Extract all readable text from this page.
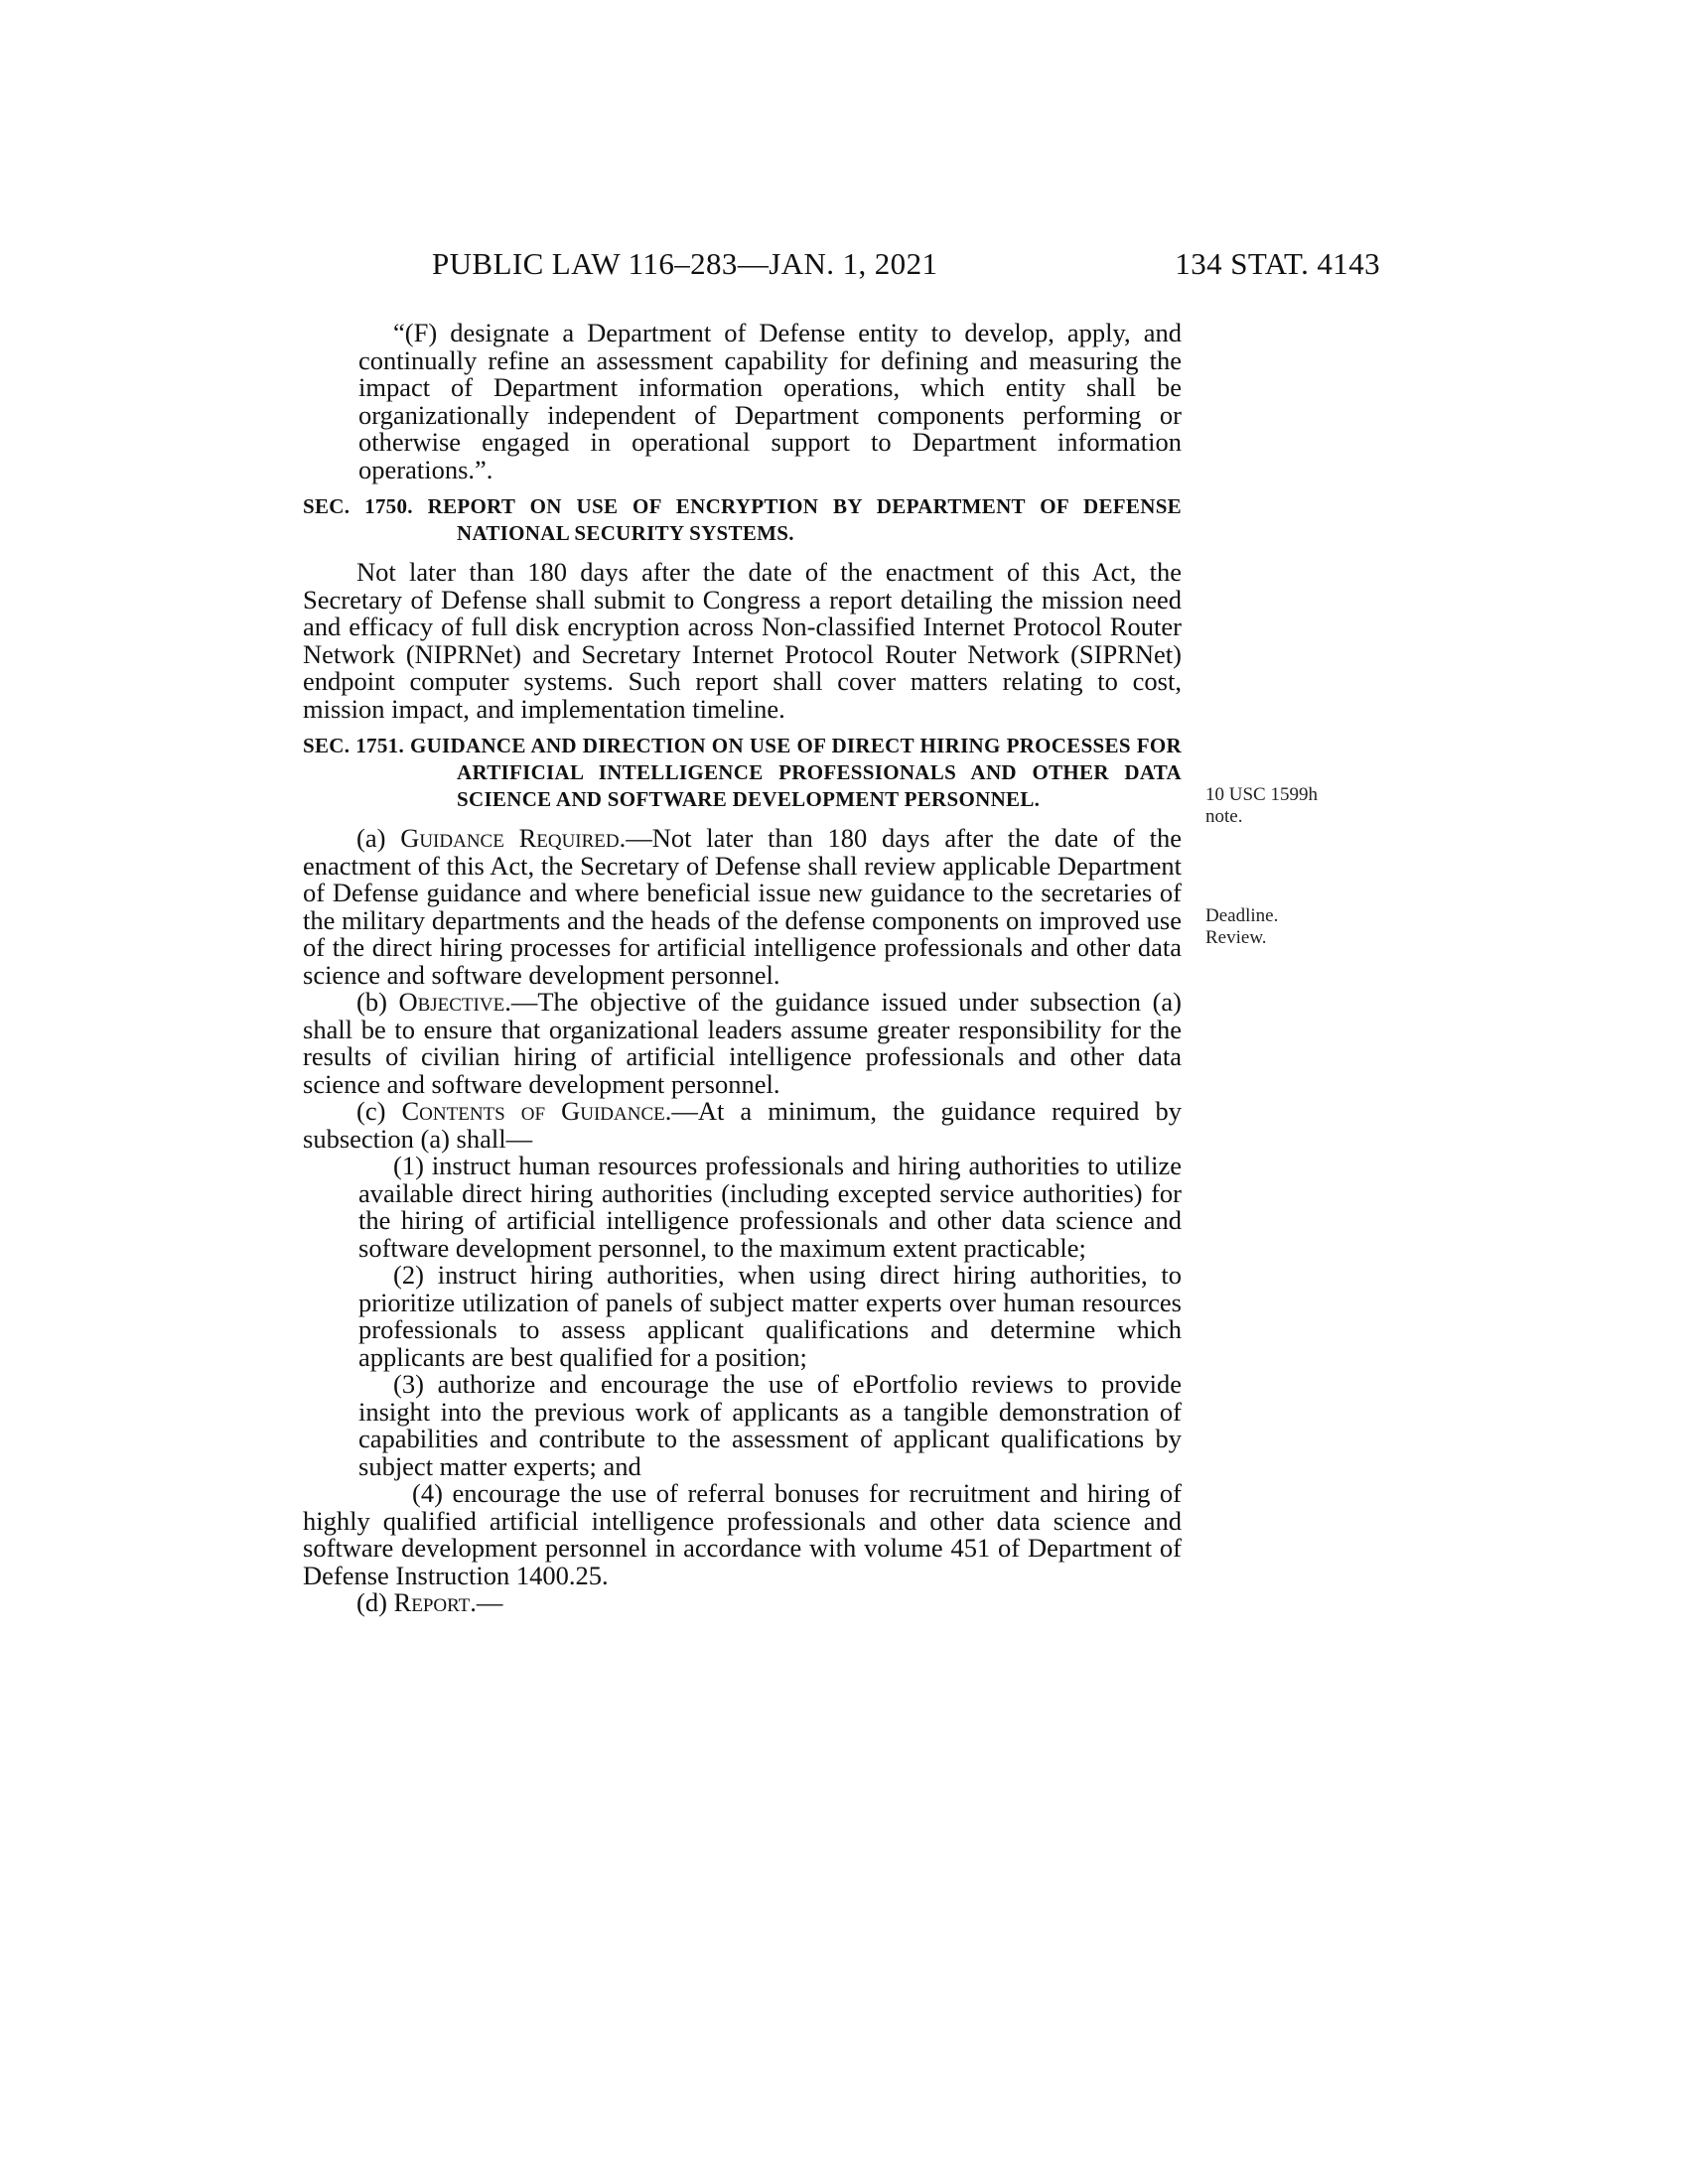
PUBLIC LAW 116–283—JAN. 1, 2021	134 STAT. 4143

“(F) designate a Department of Defense entity to develop, apply, and continually refine an assessment capability for defining and measuring the impact of Department information operations, which entity shall be organizationally independent of Department components performing or otherwise engaged in operational support to Department information operations.”.

SEC. 1750. REPORT ON USE OF ENCRYPTION BY DEPARTMENT OF DEFENSE NATIONAL SECURITY SYSTEMS.

Not later than 180 days after the date of the enactment of this Act, the Secretary of Defense shall submit to Congress a report detailing the mission need and efficacy of full disk encryption across Non-classified Internet Protocol Router Network (NIPRNet) and Secretary Internet Protocol Router Network (SIPRNet) endpoint computer systems. Such report shall cover matters relating to cost, mission impact, and implementation timeline.

SEC. 1751. GUIDANCE AND DIRECTION ON USE OF DIRECT HIRING PROCESSES FOR ARTIFICIAL INTELLIGENCE PROFESSIONALS AND OTHER DATA SCIENCE AND SOFTWARE DEVELOPMENT PERSONNEL.

(a) Guidance Required.—Not later than 180 days after the date of the enactment of this Act, the Secretary of Defense shall review applicable Department of Defense guidance and where beneficial issue new guidance to the secretaries of the military departments and the heads of the defense components on improved use of the direct hiring processes for artificial intelligence professionals and other data science and software development personnel.

(b) Objective.—The objective of the guidance issued under subsection (a) shall be to ensure that organizational leaders assume greater responsibility for the results of civilian hiring of artificial intelligence professionals and other data science and software development personnel.

(c) Contents of Guidance.—At a minimum, the guidance required by subsection (a) shall—

(1) instruct human resources professionals and hiring authorities to utilize available direct hiring authorities (including excepted service authorities) for the hiring of artificial intelligence professionals and other data science and software development personnel, to the maximum extent practicable;

(2) instruct hiring authorities, when using direct hiring authorities, to prioritize utilization of panels of subject matter experts over human resources professionals to assess applicant qualifications and determine which applicants are best qualified for a position;

(3) authorize and encourage the use of ePortfolio reviews to provide insight into the previous work of applicants as a tangible demonstration of capabilities and contribute to the assessment of applicant qualifications by subject matter experts; and

(4) encourage the use of referral bonuses for recruitment and hiring of highly qualified artificial intelligence professionals and other data science and software development personnel in accordance with volume 451 of Department of Defense Instruction 1400.25.

(d) Report.—

10 USC 1599h
note.
Deadline.
Review.
